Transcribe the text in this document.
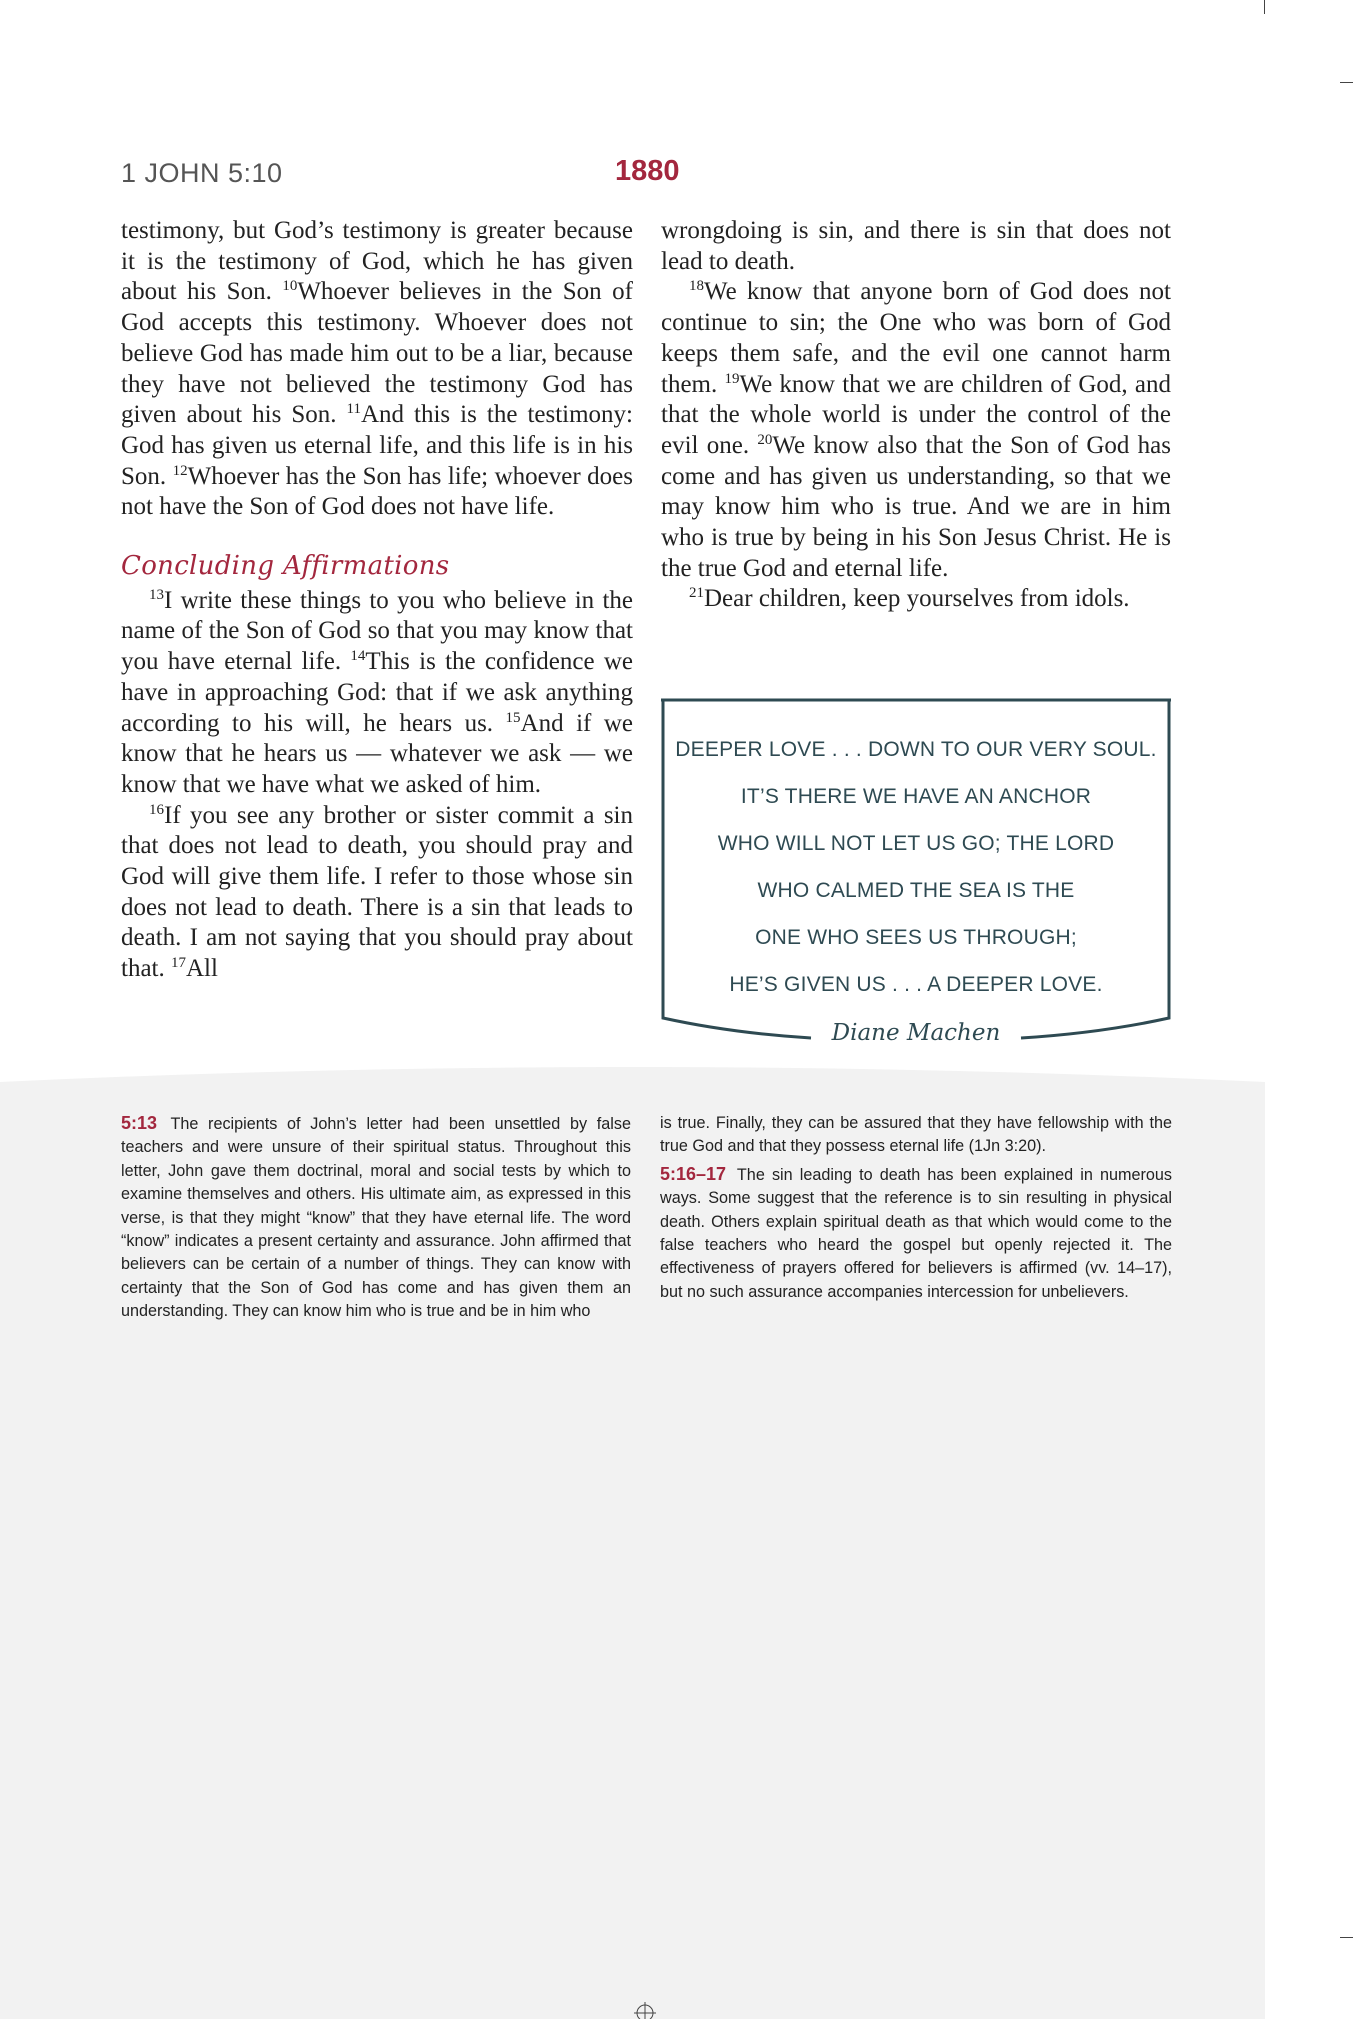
1 JOHN 5:10	1880

testimony, but God’s testimony is greater because it is the testimony of God, which he has given about his Son. $^{10}$Whoever believes in the Son of God accepts this testimony. Whoever does not believe God has made him out to be a liar, because they have not believed the testimony God has given about his Son. $^{11}$And this is the testimony: God has given us eternal life, and this life is in his Son. $^{12}$Whoever has the Son has life; whoever does not have the Son of God does not have life.

Concluding Affirmations

$^{13}$I write these things to you who believe in the name of the Son of God so that you may know that you have eternal life. $^{14}$This is the confidence we have in approaching God: that if we ask anything according to his will, he hears us. $^{15}$And if we know that he hears us — whatever we ask — we know that we have what we asked of him.

$^{16}$If you see any brother or sister commit a sin that does not lead to death, you should pray and God will give them life. I refer to those whose sin does not lead to death. There is a sin that leads to death. I am not saying that you should pray about that. $^{17}$All

wrongdoing is sin, and there is sin that does not lead to death.

$^{18}$We know that anyone born of God does not continue to sin; the One who was born of God keeps them safe, and the evil one cannot harm them. $^{19}$We know that we are children of God, and that the whole world is under the control of the evil one. $^{20}$We know also that the Son of God has come and has given us understanding, so that we may know him who is true. And we are in him who is true by being in his Son Jesus Christ. He is the true God and eternal life.

$^{21}$Dear children, keep yourselves from idols.

DEEPER LOVE . . . DOWN TO OUR VERY SOUL.
IT’S THERE WE HAVE AN ANCHOR
WHO WILL NOT LET US GO; THE LORD
WHO CALMED THE SEA IS THE
ONE WHO SEES US THROUGH;
HE’S GIVEN US . . . A DEEPER LOVE.
Diane Machen

5:13 The recipients of John’s letter had been unsettled by false teachers and were unsure of their spiritual status. Throughout this letter, John gave them doctrinal, moral and social tests by which to examine themselves and others. His ultimate aim, as expressed in this verse, is that they might “know” that they have eternal life. The word “know” indicates a present certainty and assurance. John affirmed that believers can be certain of a number of things. They can know with certainty that the Son of God has come and has given them an understanding. They can know him who is true and be in him who

is true. Finally, they can be assured that they have fellowship with the true God and that they possess eternal life (1Jn 3:20).

5:16–17 The sin leading to death has been explained in numerous ways. Some suggest that the reference is to sin resulting in physical death. Others explain spiritual death as that which would come to the false teachers who heard the gospel but openly rejected it. The effectiveness of prayers offered for believers is affirmed (vv. 14–17), but no such assurance accompanies intercession for unbelievers.
